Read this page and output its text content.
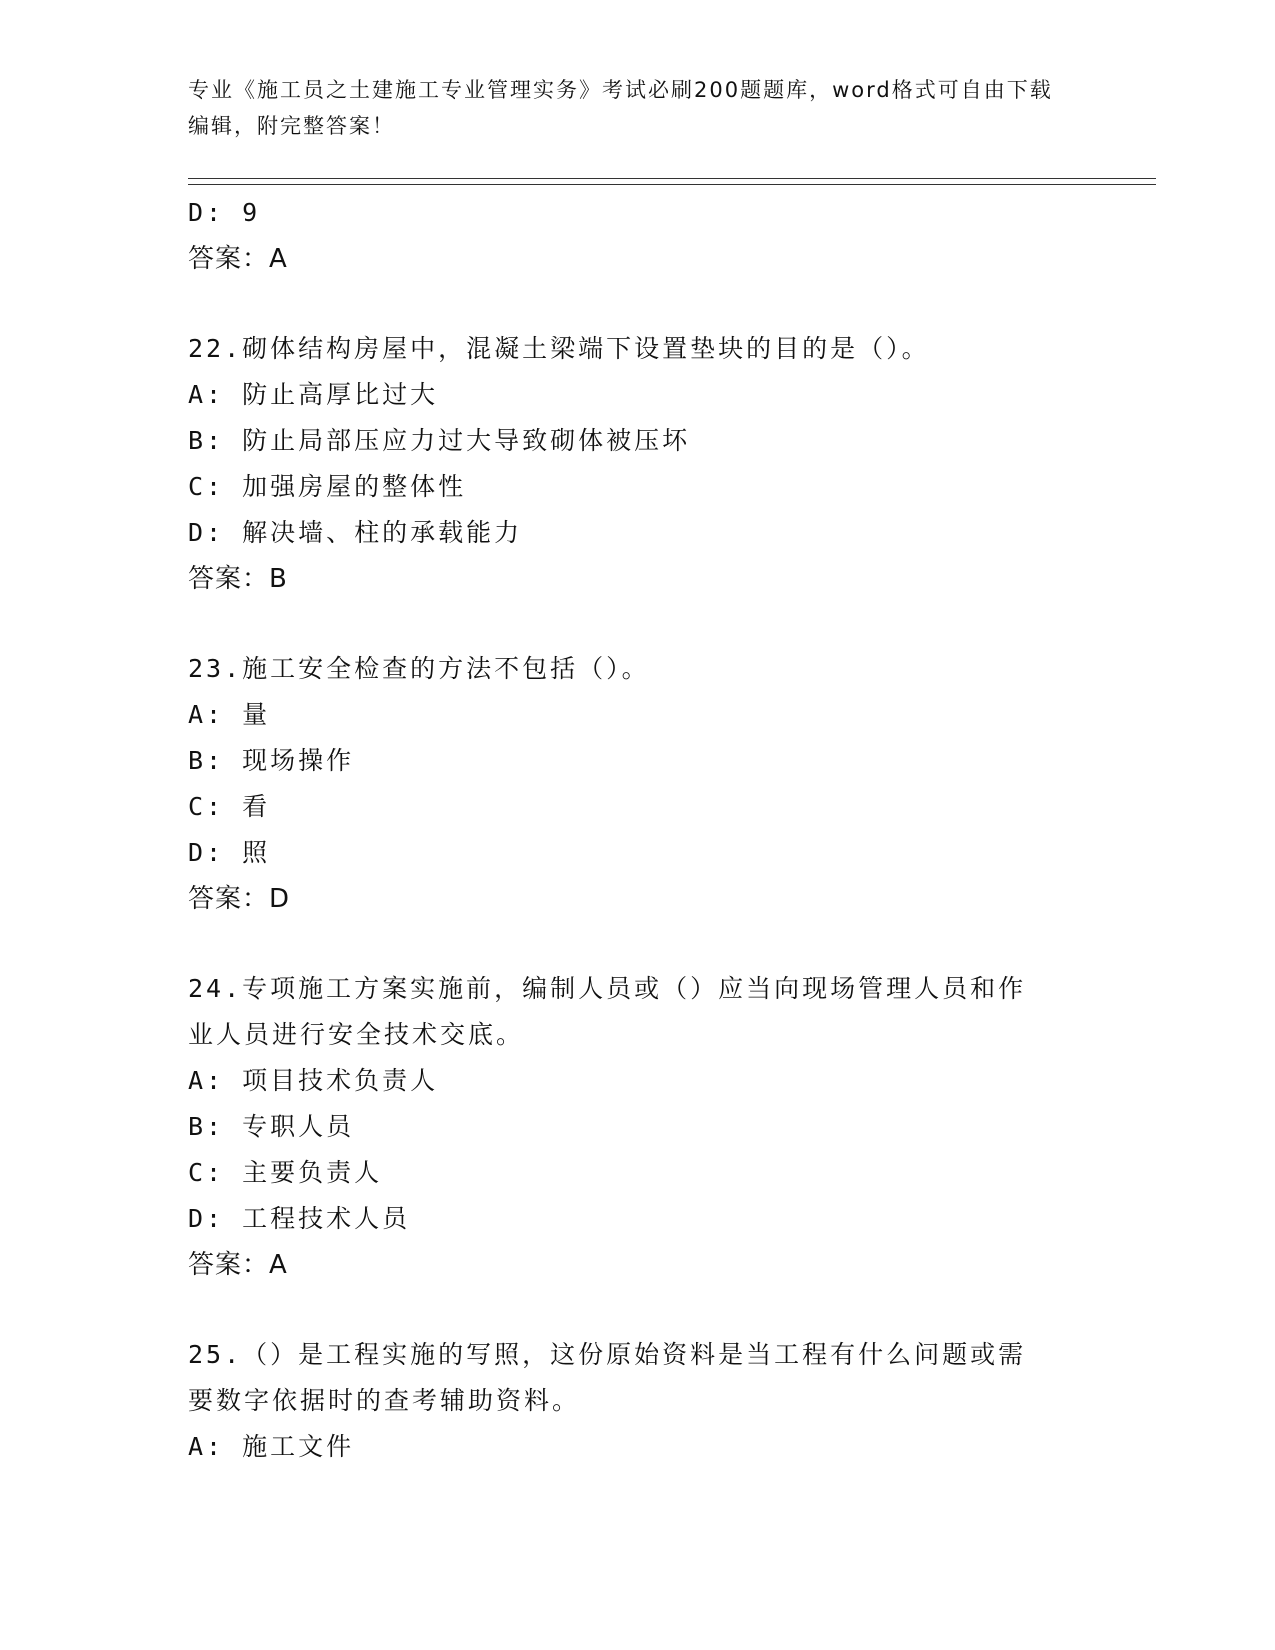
专业《施工员之土建施工专业管理实务》考试必刷200题题库，word格式可自由下载编辑，附完整答案！
D: 9
答案：A
22.砌体结构房屋中，混凝土梁端下设置垫块的目的是（）。
A: 防止高厚比过大
B: 防止局部压应力过大导致砌体被压坏
C: 加强房屋的整体性
D: 解决墙、柱的承载能力
答案：B
23.施工安全检查的方法不包括（）。
A: 量
B: 现场操作
C: 看
D: 照
答案：D
24.专项施工方案实施前，编制人员或（）应当向现场管理人员和作业人员进行安全技术交底。
A: 项目技术负责人
B: 专职人员
C: 主要负责人
D: 工程技术人员
答案：A
25.（）是工程实施的写照，这份原始资料是当工程有什么问题或需要数字依据时的查考辅助资料。
A: 施工文件
